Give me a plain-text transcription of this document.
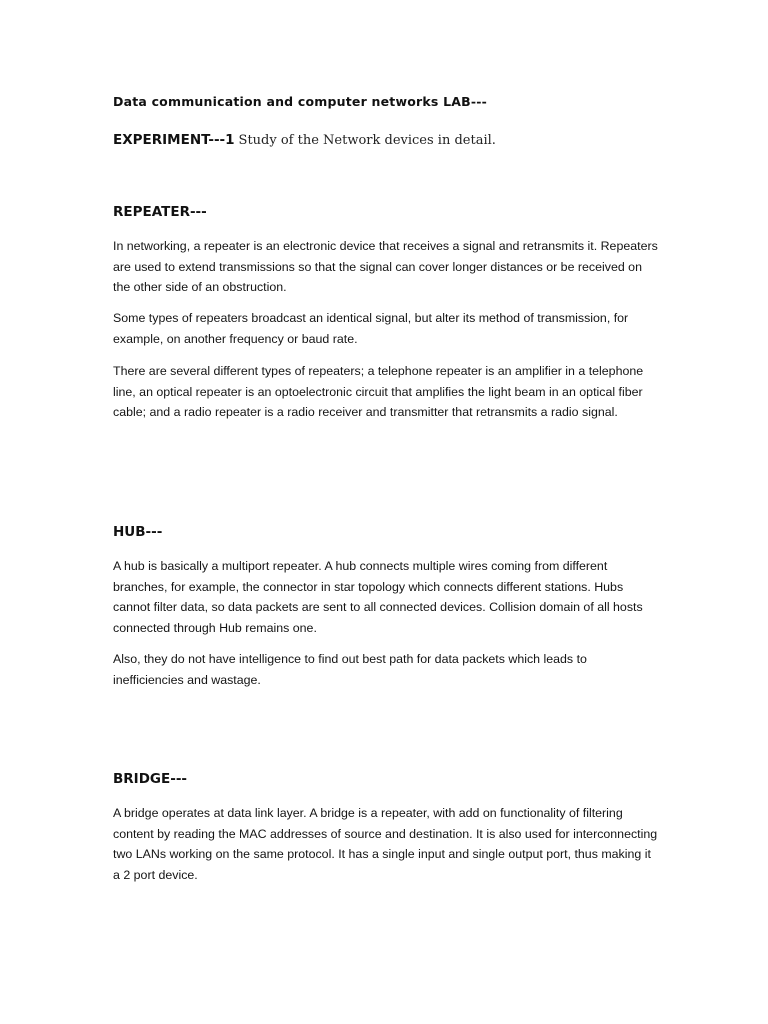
Data communication and computer networks LAB---

EXPERIMENT---1 Study of the Network devices in detail.

REPEATER---

In networking, a repeater is an electronic device that receives a signal and retransmits it. Repeaters are used to extend transmissions so that the signal can cover longer distances or be received on the other side of an obstruction.

Some types of repeaters broadcast an identical signal, but alter its method of transmission, for example, on another frequency or baud rate.

There are several different types of repeaters; a telephone repeater is an amplifier in a telephone line, an optical repeater is an optoelectronic circuit that amplifies the light beam in an optical fiber cable; and a radio repeater is a radio receiver and transmitter that retransmits a radio signal.

HUB---

A hub is basically a multiport repeater. A hub connects multiple wires coming from different branches, for example, the connector in star topology which connects different stations. Hubs cannot filter data, so data packets are sent to all connected devices. Collision domain of all hosts connected through Hub remains one.

Also, they do not have intelligence to find out best path for data packets which leads to inefficiencies and wastage.

BRIDGE---

A bridge operates at data link layer. A bridge is a repeater, with add on functionality of filtering content by reading the MAC addresses of source and destination. It is also used for interconnecting two LANs working on the same protocol. It has a single input and single output port, thus making it a 2 port device.
